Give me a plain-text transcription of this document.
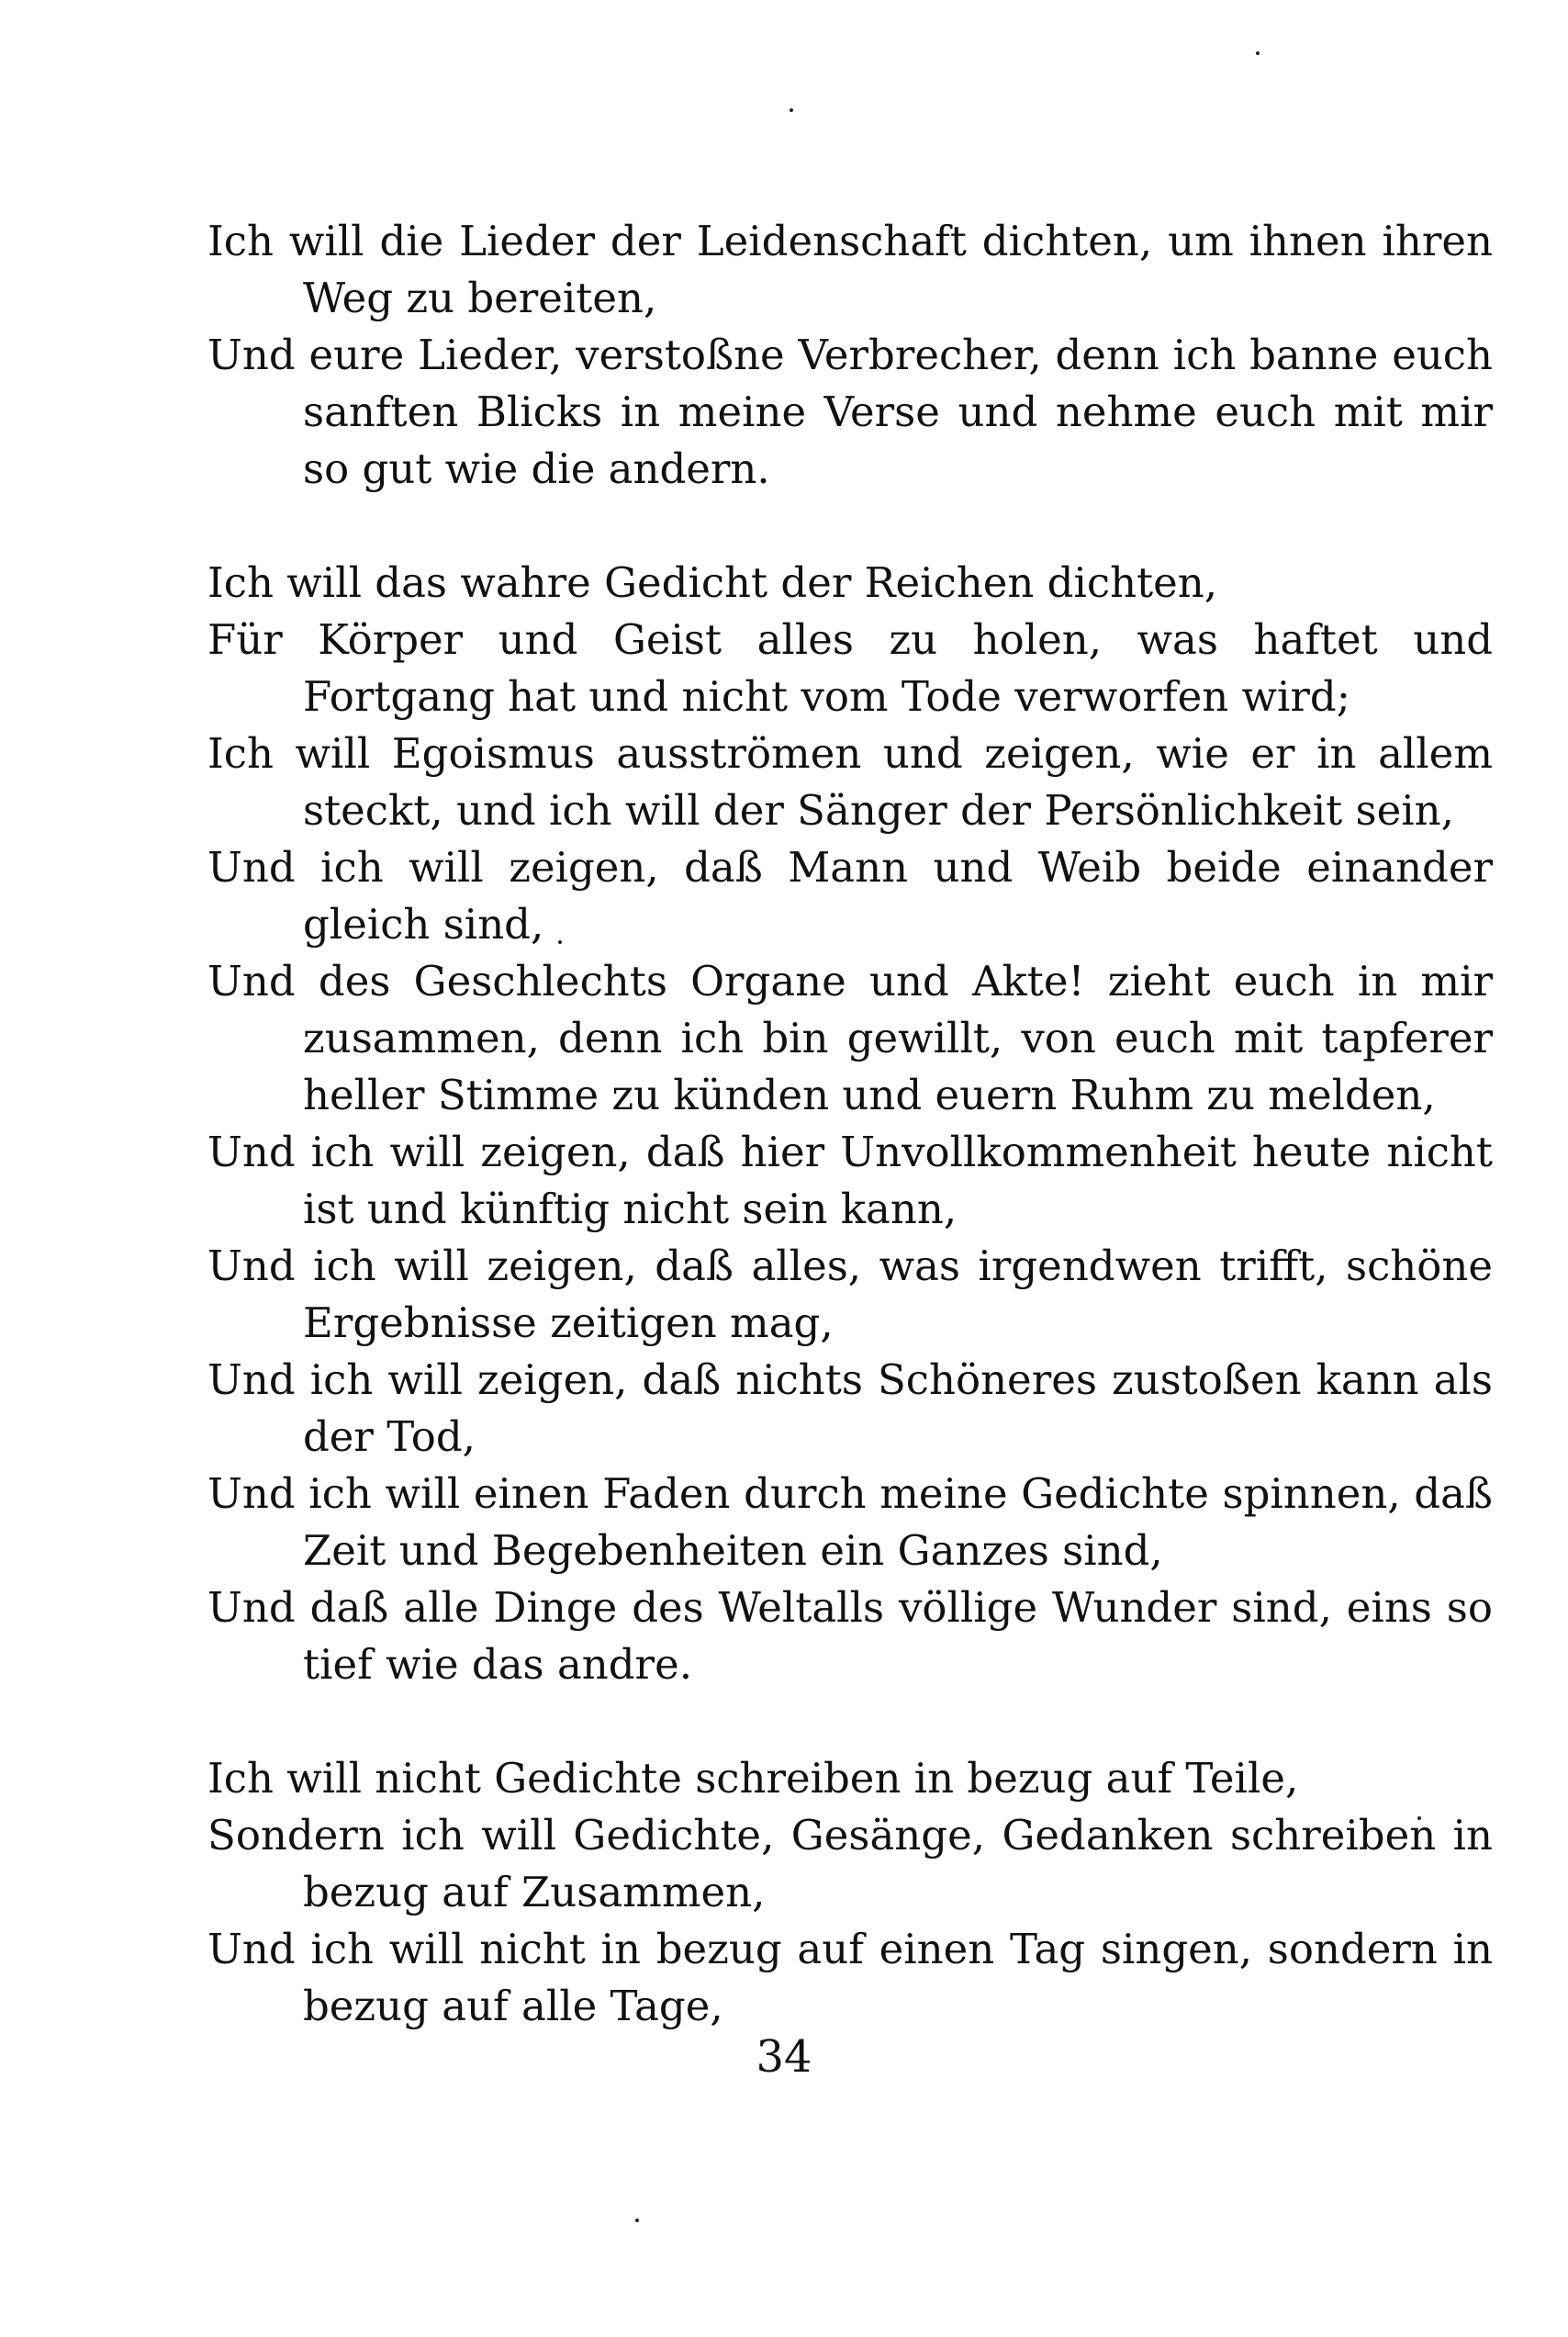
Ich will die Lieder der Leidenschaft dichten, um ihnen ihren Weg zu bereiten,
Und eure Lieder, verstoßne Verbrecher, denn ich banne euch sanften Blicks in meine Verse und nehme euch mit mir so gut wie die andern.
Ich will das wahre Gedicht der Reichen dichten,
Für Körper und Geist alles zu holen, was haftet und Fortgang hat und nicht vom Tode verworfen wird;
Ich will Egoismus ausströmen und zeigen, wie er in allem steckt, und ich will der Sänger der Persönlichkeit sein,
Und ich will zeigen, daß Mann und Weib beide einander gleich sind,
Und des Geschlechts Organe und Akte! zieht euch in mir zusammen, denn ich bin gewillt, von euch mit tapferer heller Stimme zu künden und euern Ruhm zu melden,
Und ich will zeigen, daß hier Unvollkommenheit heute nicht ist und künftig nicht sein kann,
Und ich will zeigen, daß alles, was irgendwen trifft, schöne Ergebnisse zeitigen mag,
Und ich will zeigen, daß nichts Schöneres zustoßen kann als der Tod,
Und ich will einen Faden durch meine Gedichte spinnen, daß Zeit und Begebenheiten ein Ganzes sind,
Und daß alle Dinge des Weltalls völlige Wunder sind, eins so tief wie das andre.
Ich will nicht Gedichte schreiben in bezug auf Teile,
Sondern ich will Gedichte, Gesänge, Gedanken schreiben in bezug auf Zusammen,
Und ich will nicht in bezug auf einen Tag singen, sondern in bezug auf alle Tage,
34
